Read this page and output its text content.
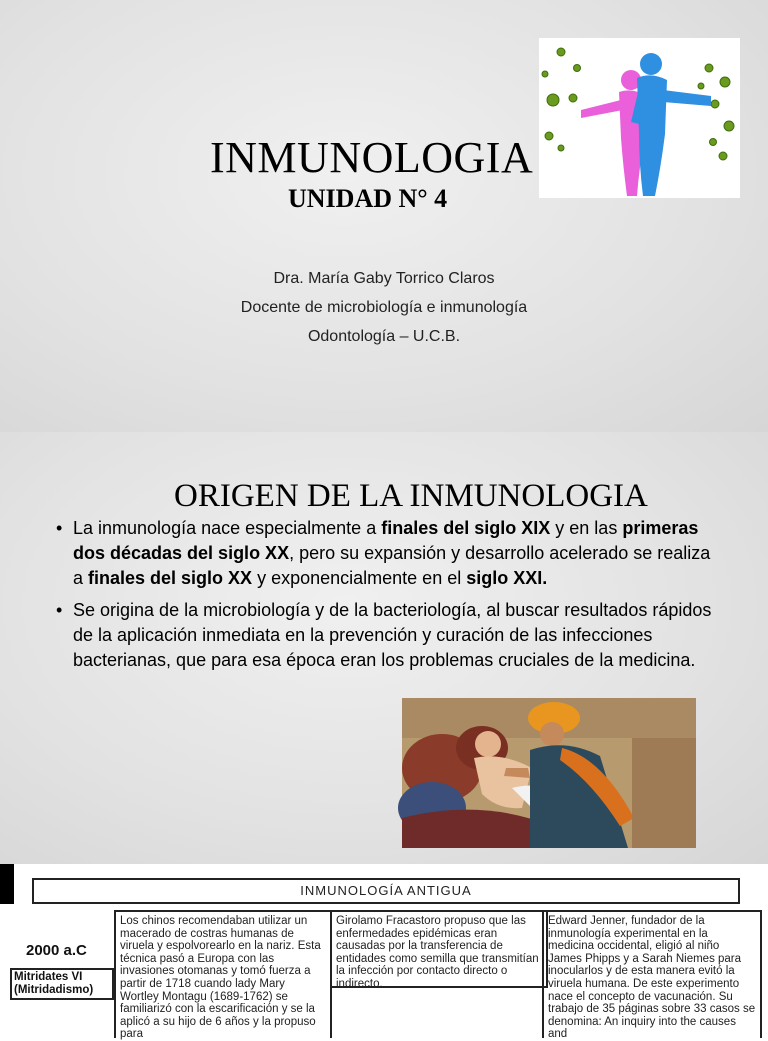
INMUNOLOGIA
UNIDAD N° 4
Dra. María Gaby Torrico Claros
Docente de microbiología e inmunología
Odontología – U.C.B.
ORIGEN DE LA INMUNOLOGIA
• La inmunología nace especialmente a finales del siglo XIX y en las primeras dos décadas del siglo XX, pero su expansión y desarrollo acelerado se realiza a finales del siglo XX y exponencialmente en el siglo XXI.
• Se origina de la microbiología y de la bacteriología, al buscar resultados rápidos de la aplicación inmediata en la prevención y curación de las infecciones bacterianas, que para esa época eran los problemas cruciales de la medicina.
INMUNOLOGÍA ANTIGUA
2000 a.C
Mitridates VI (Mitridadismo)
Los chinos recomendaban utilizar un macerado de costras humanas de viruela y espolvorearlo en la nariz. Esta técnica pasó a Europa con las invasiones otomanas y tomó fuerza a partir de 1718 cuando lady Mary Wortley Montagu (1689-1762) se familiarizó con la escarificación y se la aplicó a su hijo de 6 años y la propuso para
Girolamo Fracastoro propuso que las enfermedades epidémicas eran causadas por la transferencia de entidades como semilla que transmitían la infección por contacto directo o indirecto.
Edward Jenner, fundador de la inmunología experimental en la medicina occidental, eligió al niño James Phipps y a Sarah Niemes para inocularlos y de esta manera evitó la viruela humana. De este experimento nace el concepto de vacunación. Su trabajo de 35 páginas sobre 33 casos se denomina: An inquiry into the causes and
